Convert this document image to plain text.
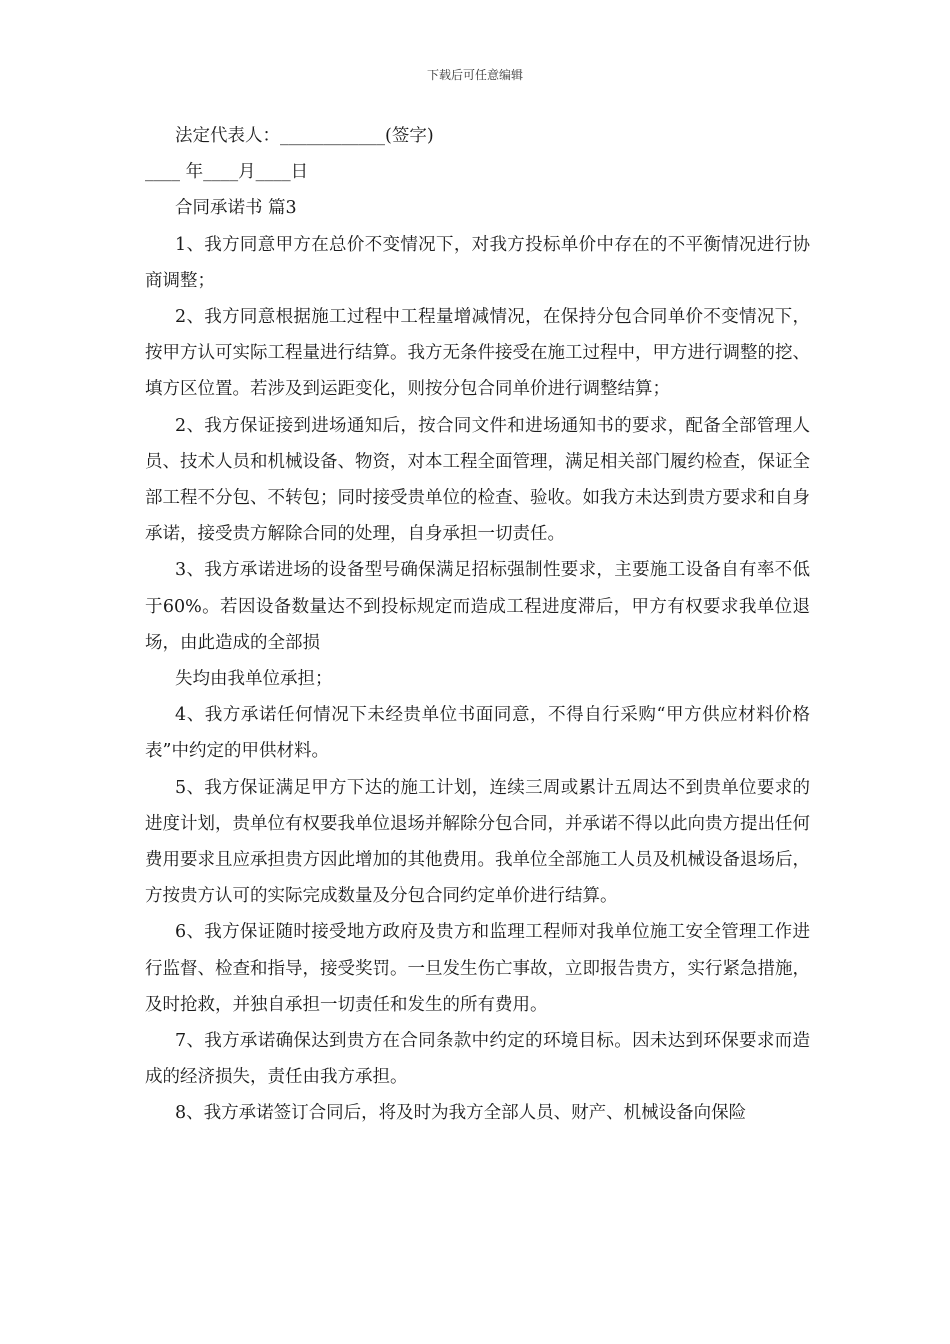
下载后可任意编辑

法定代表人：____________(签字)

____ 年____月____日

合同承诺书 篇3

1、我方同意甲方在总价不变情况下，对我方投标单价中存在的不平衡情况进行协商调整；

2、我方同意根据施工过程中工程量增减情况，在保持分包合同单价不变情况下，按甲方认可实际工程量进行结算。我方无条件接受在施工过程中，甲方进行调整的挖、填方区位置。若涉及到运距变化，则按分包合同单价进行调整结算；

2、我方保证接到进场通知后，按合同文件和进场通知书的要求，配备全部管理人员、技术人员和机械设备、物资，对本工程全面管理，满足相关部门履约检查，保证全部工程不分包、不转包；同时接受贵单位的检查、验收。如我方未达到贵方要求和自身承诺，接受贵方解除合同的处理，自身承担一切责任。

3、我方承诺进场的设备型号确保满足招标强制性要求，主要施工设备自有率不低于60%。若因设备数量达不到投标规定而造成工程进度滞后，甲方有权要求我单位退场，由此造成的全部损

失均由我单位承担；

4、我方承诺任何情况下未经贵单位书面同意，不得自行采购“甲方供应材料价格表”中约定的甲供材料。

5、我方保证满足甲方下达的施工计划，连续三周或累计五周达不到贵单位要求的进度计划，贵单位有权要我单位退场并解除分包合同，并承诺不得以此向贵方提出任何费用要求且应承担贵方因此增加的其他费用。我单位全部施工人员及机械设备退场后，方按贵方认可的实际完成数量及分包合同约定单价进行结算。

6、我方保证随时接受地方政府及贵方和监理工程师对我单位施工安全管理工作进行监督、检查和指导，接受奖罚。一旦发生伤亡事故，立即报告贵方，实行紧急措施，及时抢救，并独自承担一切责任和发生的所有费用。

7、我方承诺确保达到贵方在合同条款中约定的环境目标。因未达到环保要求而造成的经济损失，责任由我方承担。

8、我方承诺签订合同后，将及时为我方全部人员、财产、机械设备向保险
